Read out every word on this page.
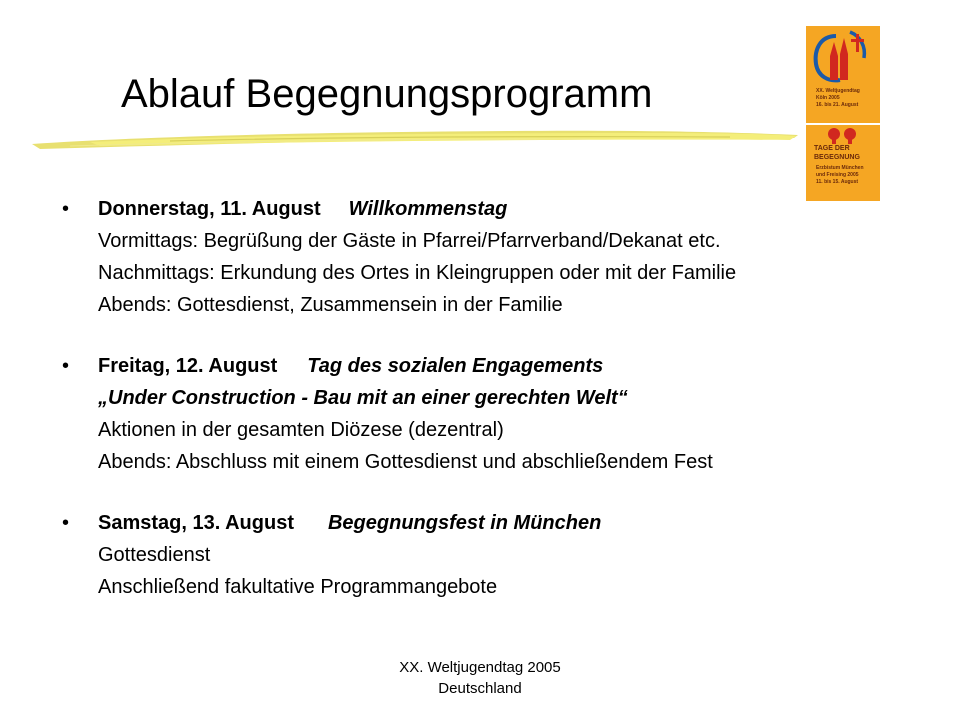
Ablauf Begegnungsprogramm	XX. Weltjugendtag
Köln 2005
16. bis 21. August
TAGE DER
BEGEGNUNG
Erzbistum München
und Freising 2005
11. bis 15. August
•	Donnerstag, 11. August Willkommenstag
Vormittags: Begrüßung der Gäste in Pfarrei/Pfarrverband/Dekanat etc.
Nachmittags: Erkundung des Ortes in Kleingruppen oder mit der Familie
Abends: Gottesdienst, Zusammensein in der Familie
•	Freitag, 12. August Tag des sozialen Engagements
„Under Construction - Bau mit an einer gerechten Welt“
Aktionen in der gesamten Diözese (dezentral)
Abends: Abschluss mit einem Gottesdienst und abschließendem Fest
•	Samstag, 13. August Begegnungsfest in München
Gottesdienst
Anschließend fakultative Programmangebote
XX. Weltjugendtag 2005
Deutschland
